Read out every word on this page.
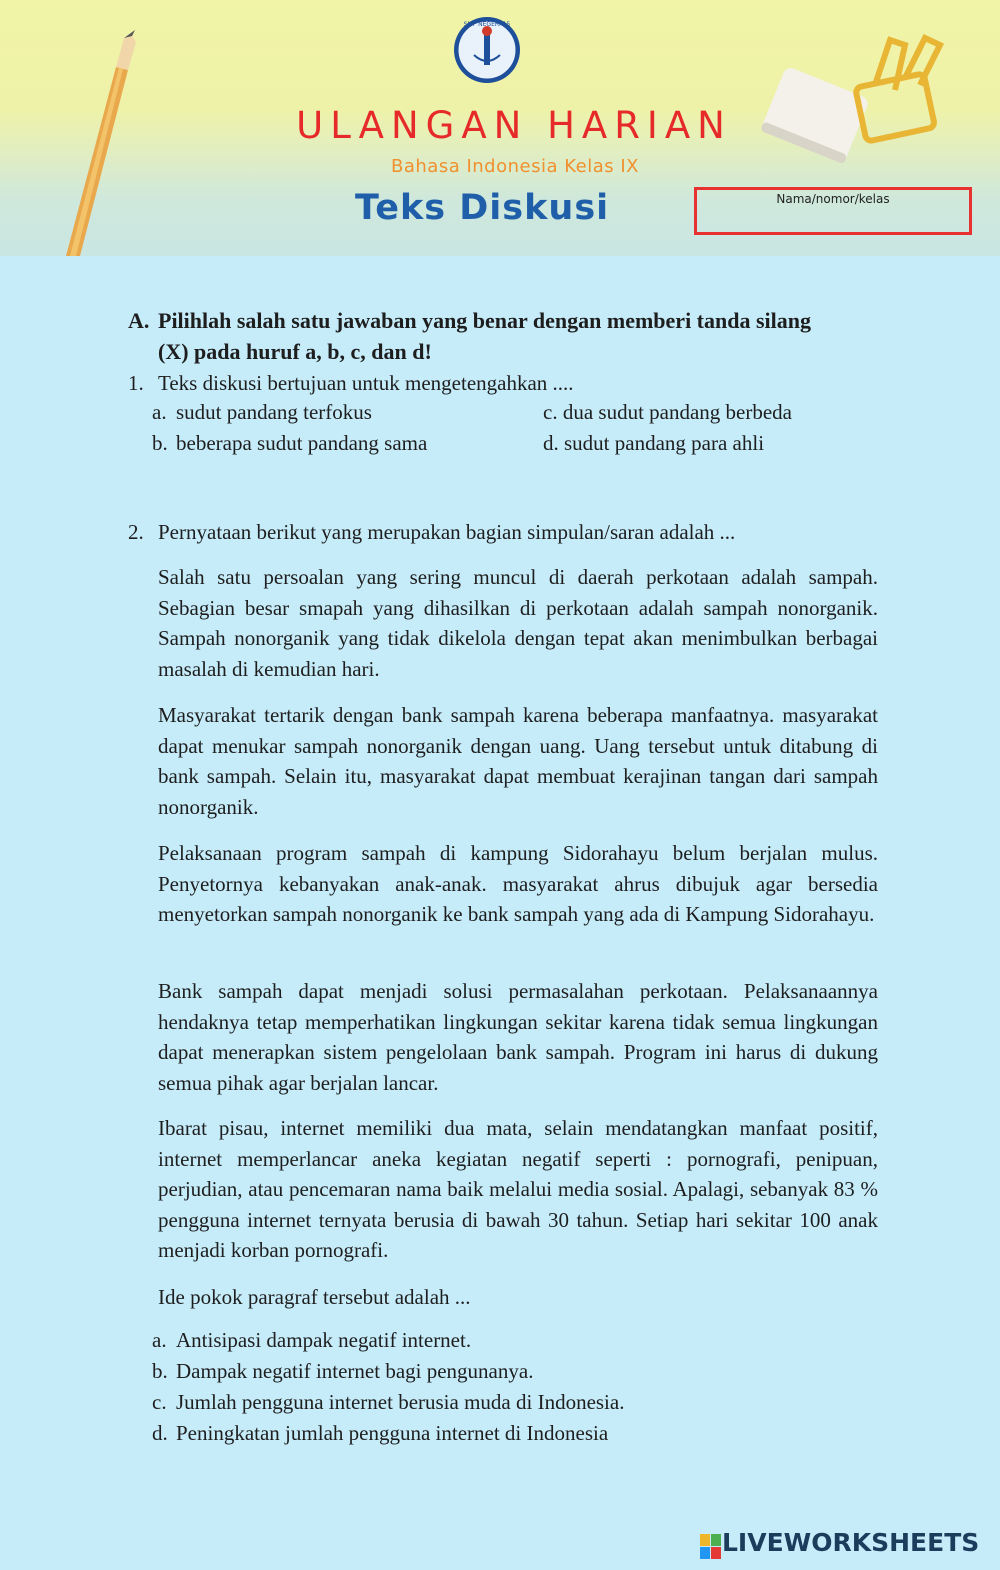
SMP NEGERI 15
ULANGAN HARIAN
Bahasa Indonesia Kelas IX
Teks Diskusi	Nama/nomor/kelas
A. Pilihlah salah satu jawaban yang benar dengan memberi tanda silang
(X) pada huruf a, b, c, dan d!
1. Teks diskusi bertujuan untuk mengetengahkan ....
a. sudut pandang terfokus
b. beberapa sudut pandang sama
c. dua sudut pandang berbeda
d. sudut pandang para ahli
2. Pernyataan berikut yang merupakan bagian simpulan/saran adalah ...

Salah satu persoalan yang sering muncul di daerah perkotaan adalah sampah. Sebagian besar smapah yang dihasilkan di perkotaan adalah sampah nonorganik. Sampah nonorganik yang tidak dikelola dengan tepat akan menimbulkan berbagai masalah di kemudian hari.

Masyarakat tertarik dengan bank sampah karena beberapa manfaatnya. masyarakat dapat menukar sampah nonorganik dengan uang. Uang tersebut untuk ditabung di bank sampah. Selain itu, masyarakat dapat membuat kerajinan tangan dari sampah nonorganik.

Pelaksanaan program sampah di kampung Sidorahayu belum berjalan mulus. Penyetornya kebanyakan anak-anak. masyarakat ahrus dibujuk agar bersedia menyetorkan sampah nonorganik ke bank sampah yang ada di Kampung Sidorahayu.

Bank sampah dapat menjadi solusi permasalahan perkotaan. Pelaksanaannya hendaknya tetap memperhatikan lingkungan sekitar karena tidak semua lingkungan dapat menerapkan sistem pengelolaan bank sampah. Program ini harus di dukung semua pihak agar berjalan lancar.

Ibarat pisau, internet memiliki dua mata, selain mendatangkan manfaat positif, internet memperlancar aneka kegiatan negatif seperti : pornografi, penipuan, perjudian, atau pencemaran nama baik melalui media sosial. Apalagi, sebanyak 83 % pengguna internet ternyata berusia di bawah 30 tahun. Setiap hari sekitar 100 anak menjadi korban pornografi.

Ide pokok paragraf tersebut adalah ...
a. Antisipasi dampak negatif internet.
b. Dampak negatif internet bagi pengunanya.
c. Jumlah pengguna internet berusia muda di Indonesia.
d. Peningkatan jumlah pengguna internet di Indonesia
LIVEWORKSHEETS
